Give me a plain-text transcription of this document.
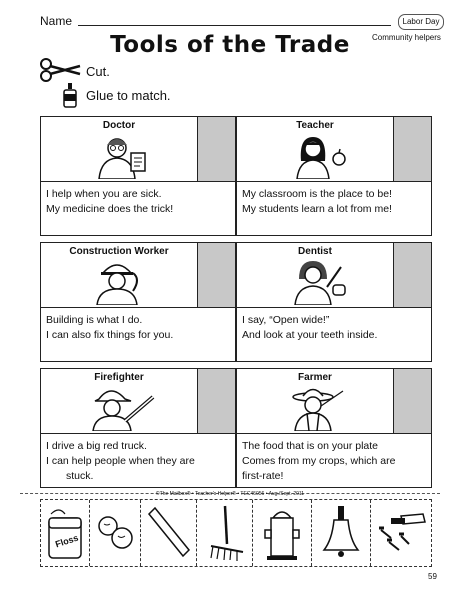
Name	Labor Day
Community helpers
Tools of the Trade
Cut.
Glue to match.
Doctor
I help when you are sick.
My medicine does the trick!
Teacher
My classroom is the place to be!
My students learn a lot from me!
Construction Worker
Building is what I do.
I can also fix things for you.
Dentist
I say, “Open wide!”
And look at your teeth inside.
Firefighter
I drive a big red truck.
I can help people when they are
stuck.
Farmer
The food that is on your plate
Comes from my crops, which are
first-rate!
©The Mailbox® • Teacher's Helper® • TEC45056 • Aug./Sept. 2011
Floss
59
